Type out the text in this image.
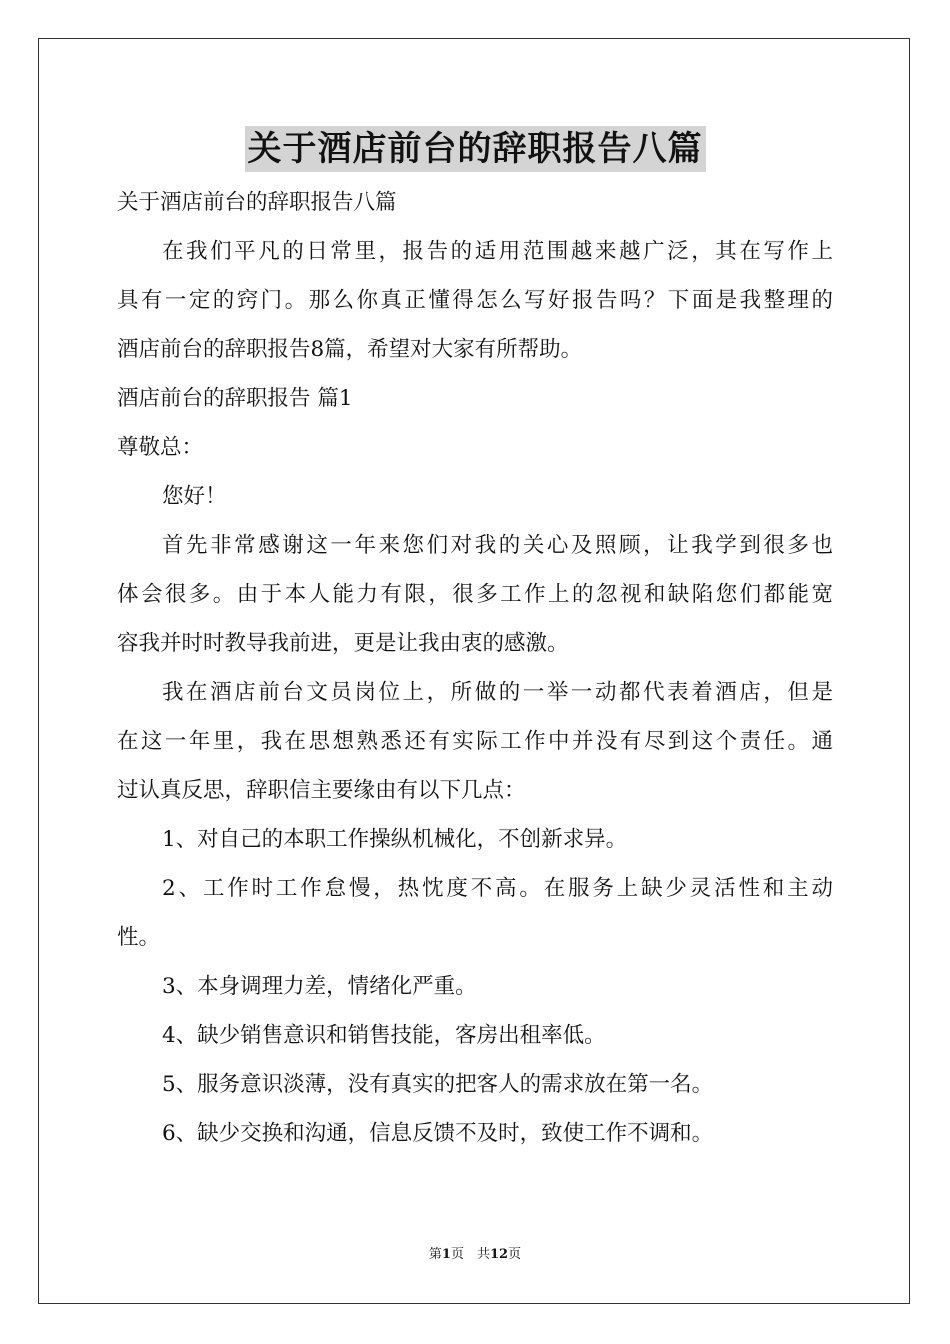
关于酒店前台的辞职报告八篇
关于酒店前台的辞职报告八篇
在我们平凡的日常里，报告的适用范围越来越广泛，其在写作上
具有一定的窍门。那么你真正懂得怎么写好报告吗？下面是我整理的
酒店前台的辞职报告8篇，希望对大家有所帮助。
酒店前台的辞职报告 篇1
尊敬总：
您好！
首先非常感谢这一年来您们对我的关心及照顾，让我学到很多也
体会很多。由于本人能力有限，很多工作上的忽视和缺陷您们都能宽
容我并时时教导我前进，更是让我由衷的感激。
我在酒店前台文员岗位上，所做的一举一动都代表着酒店，但是
在这一年里，我在思想熟悉还有实际工作中并没有尽到这个责任。通
过认真反思，辞职信主要缘由有以下几点：
1、对自己的本职工作操纵机械化，不创新求异。
2、工作时工作怠慢，热忱度不高。在服务上缺少灵活性和主动
性。
3、本身调理力差，情绪化严重。
4、缺少销售意识和销售技能，客房出租率低。
5、服务意识淡薄，没有真实的把客人的需求放在第一名。
6、缺少交换和沟通，信息反馈不及时，致使工作不调和。
第1页　共12页
